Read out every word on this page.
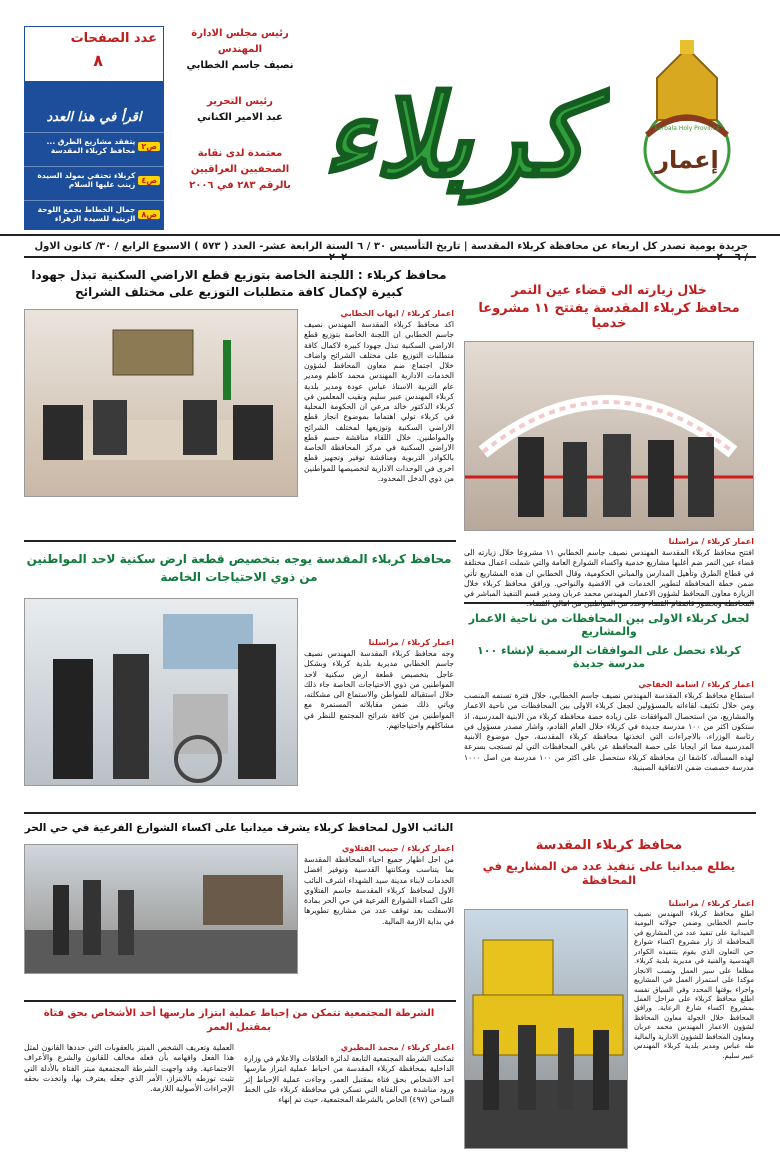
عدد الصفحات
٨
اقرأ في هذا العدد
ص٢
يتفقد مشاريع الطرق ... محافظ كربلاء المقدسة
ص٤
كربلاء تحتفي بمولد السيدة زينب عليها السلام
ص٨
جمال الخطاط بجمع اللوحة الزيتية للسيدة الزهراء
رئيس مجلس الادارة
المهندس
نصيف جاسم الخطابي
رئيس التحرير
عبد الامير الكناني
معتمدة لدى نقابة
الصحفيين العراقيين
بالرقم ٢٨٣ في ٢٠٠٦ كربلاء	إعمار
Kerbala Holy Province
جريدة يومية تصدر كل اربعاء عن محافظة كربلاء المقدسة | تاريخ التأسيس ٣٠ / ٦
السنة الرابعة عشر- العدد ( ٥٧٣ ) الاسبوع الرابع / ٣٠/ كانون الاول
خلال زيارته الى قضاء عين التمر
محافظ كربلاء المقدسة يفتتح ١١ مشروعا خدميا
اعمار كربلاء / مراسلنا
افتتح محافظ كربلاء المقدسة المهندس نصيف جاسم الخطابي ١١ مشروعا خلال زيارته الى قضاء عين التمر ضم أغلبها مشاريع خدمية واكساء الشوارع العامة والتي شملت اعمال مختلفة في قطاع الطرق وتأهيل المدارس والمباني الحكومية، وقال الخطابي ان هذه المشاريع تأتي ضمن خطة المحافظة لتطوير الخدمات في الاقضية والنواحي. ورافق محافظ كربلاء خلال الزيارة معاون المحافظ لشؤون الاعمار المهندس محمد عربان ومدير قسم التنفيذ المباشر في
محافظ كربلاء : اللجنة الخاصة بتوزيع قطع الاراضي السكنية تبذل جهودا
كبيرة لإكمال كافة متطلبات التوزيع على مختلف الشرائح
اعمار كربلاء / ايهاب الخطابي
اكد محافظ كربلاء المقدسة المهندس نصيف جاسم الخطابي ان اللجنة الخاصة بتوزيع قطع الاراضي السكنية تبذل جهودا كبيرة لاكمال كافة متطلبات التوزيع على مختلف الشرائح واضاف خلال اجتماع ضم معاون المحافظ لشؤون الخدمات الادارية المهندس محمد كاظم ومدير عام التربية الاستاذ عباس عودة ومدير بلدية كربلاء المهندس عبير سليم ونقيب المعلمين في كربلاء الدكتور خالد مرعي ان الحكومة المحلية في كربلاء تولي اهتماما بموضوع انجاز قطع الاراضي السكنية وتوزيعها لمختلف الشرائح والمواطنين. خلال اللقاء مناقشة حسم قطع الاراضي السكنية في مركز المحافظة الخاصة بالكوادر التربوية ومناقشة توفير وتجهيز قطع اخرى في الوحدات الادارية لتخصيصها للمواطنين من ذوي الدخل المحدود.
محافظ كربلاء المقدسة يوجه بتخصيص قطعة ارض سكنية لاحد المواطنين
من ذوي الاحتياجات الخاصة
اعمار كربلاء / مراسلنا
وجه محافظ كربلاء المقدسة المهندس نصيف جاسم الخطابي مديرية بلدية كربلاء وبشكل عاجل بتخصيص قطعة ارض سكنية لاحد المواطنين من ذوي الاحتياجات الخاصة جاء ذلك خلال استقباله للمواطن والاستماع الى مشكلته، وياتي ذلك ضمن مقابلاته المستمرة مع المواطنين من كافة شرائح المجتمع للنظر في مشاكلهم واحتياجاتهم.
لجعل كربلاء الاولى بين المحافظات من ناحية الاعمار والمشاريع
كربلاء تحصل على الموافقات الرسمية لإنشاء ١٠٠ مدرسة جديدة
اعمار كربلاء / اسامة الخفاجي
استطاع محافظ كربلاء المقدسة المهندس نصيف جاسم الخطابي، خلال فترة تسنمه المنصب ومن خلال تكثيف لقاءاته بالمسؤولين لجعل كربلاء الاولى بين المحافظات من ناحية الاعمار والمشاريع، من استحصال الموافقات على زيادة حصة محافظة كربلاء من الابنية المدرسية، اذ ستكون اكثر من ١٠٠ مدرسة جديدة في كربلاء خلال العام القادم، واشار مصدر مسؤول في رئاسة الوزراء، بالاجراءات التي اتخذتها محافظة كربلاء المقدسة، حول موضوع الابنية المدرسية مما اثر ايجابا على حصة المحافظة عن باقي المحافظات التي لم تستجب بسرعة لهذه المسألة، كاشفا ان محافظة كربلاء ستحصل على اكثر من ١٠٠ مدرسة من اصل ١٠٠٠ مدرسة خصصت ضمن الاتفاقية الصينية.
النائب الاول لمحافظ كربلاء يشرف ميدانيا على اكساء الشوارع الفرعية في حي الحر
اعمار كربلاء / حبيب الفتلاوي
من اجل اظهار جميع احياء المحافظة المقدسة بما يتناسب ومكانتها القدسية وتوفير افضل الخدمات لابناء مدينة سيد الشهداء اشرف النائب الاول لمحافظ كربلاء المقدسة جاسم الفتلاوي على اكساء الشوارع الفرعية في حي الحر بمادة الاسفلت بعد توقف عدد من مشاريع تطويرها في بداية الازمة المالية.
الشرطة المجتمعية تتمكن من إحباط عملية ابتزاز مارسها أحد الأشخاص بحق فتاة
بمقتبل العمر
اعمار كربلاء / محمد المطيري
تمكنت الشرطة المجتمعية التابعة لدائرة العلاقات والاعلام في وزارة الداخلية بمحافظة كربلاء المقدسة من احباط عملية ابتزاز مارسها احد الاشخاص بحق فتاة بمقتبل العمر، وجاءت عملية الإحباط إثر ورود مناشدة من الفتاة التي تسكن في محافظة كربلاء على الخط الساخن (٤٩٧) الخاص بالشرطة المجتمعية، حيث تم إنهاء
العملية وتعريف الشخص المبتز بالعقوبات التي حددها القانون لمثل هذا الفعل وافهامه بأن فعله مخالف للقانون والشرع والأعراف الاجتماعية. وقد واجهت الشرطة المجتمعية مبتز الفتاة بالأدلة التي تثبت تورطه بالابتزاز، الأمر الذي جعله يعترف بها، واتخذت بحقه الإجراءات الأصولية اللازمة.
محافظ كربلاء المقدسة
يطلع ميدانيا على تنفيذ عدد من المشاريع في المحافظة
اعمار كربلاء / مراسلنا
اطلع محافظ كربلاء المهندس نصيف جاسم الخطابي وضمن جولاته اليومية الميدانية على تنفيذ عدد من المشاريع في المحافظة اذ زار مشروع اكساء شوارع حي التعاون الذي يقوم بتنفيذه الكوادر الهندسية والفنية في مديرية بلدية كربلاء. مطلعا على سير العمل ونسب الانجاز موكدا على استمرار العمل في المشاريع واجراء بوقتها المحدد وفي السياق نفسه اطلع محافظ كربلاء على مراحل العمل بمشروع اكساء شارع الرعاية. ورافق المحافظ خلال الجولة معاون المحافظ لشؤون الاعمار المهندس محمد عربان ومعاون المحافظ للشؤون الادارية والمالية طه عباس ومدير بلدية كربلاء المهندس عبير سليم.
